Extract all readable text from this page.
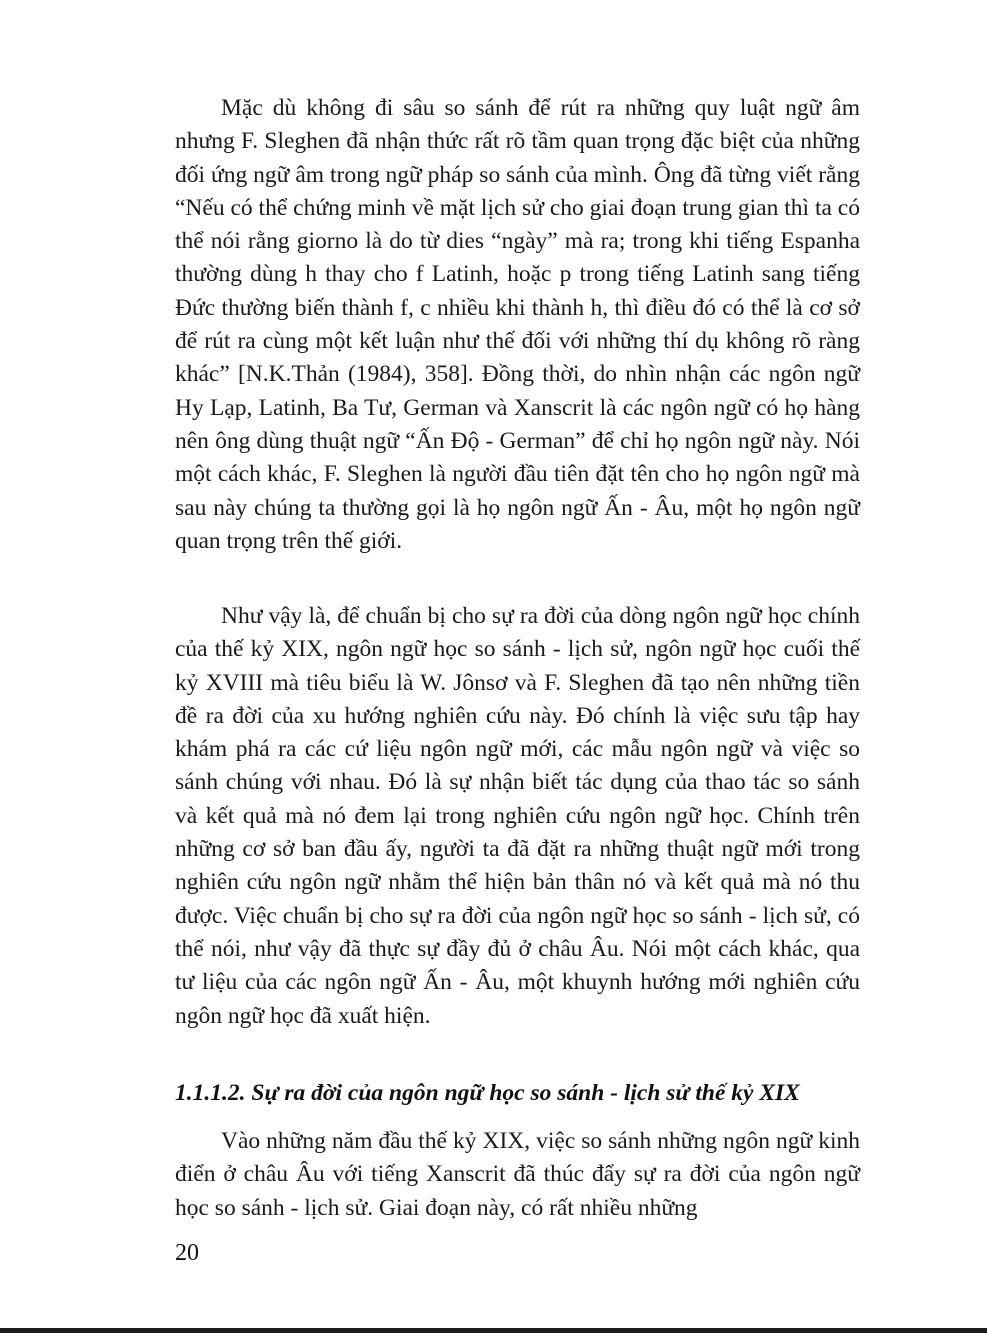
Mặc dù không đi sâu so sánh để rút ra những quy luật ngữ âm nhưng F. Sleghen đã nhận thức rất rõ tầm quan trọng đặc biệt của những đối ứng ngữ âm trong ngữ pháp so sánh của mình. Ông đã từng viết rằng “Nếu có thể chứng minh về mặt lịch sử cho giai đoạn trung gian thì ta có thể nói rằng giorno là do từ dies “ngày” mà ra; trong khi tiếng Espanha thường dùng h thay cho f Latinh, hoặc p trong tiếng Latinh sang tiếng Đức thường biến thành f, c nhiều khi thành h, thì điều đó có thể là cơ sở để rút ra cùng một kết luận như thế đối với những thí dụ không rõ ràng khác” [N.K.Thản (1984), 358]. Đồng thời, do nhìn nhận các ngôn ngữ Hy Lạp, Latinh, Ba Tư, German và Xanscrit là các ngôn ngữ có họ hàng nên ông dùng thuật ngữ “Ấn Độ - German” để chỉ họ ngôn ngữ này. Nói một cách khác, F. Sleghen là người đầu tiên đặt tên cho họ ngôn ngữ mà sau này chúng ta thường gọi là họ ngôn ngữ Ấn - Âu, một họ ngôn ngữ quan trọng trên thế giới.

Như vậy là, để chuẩn bị cho sự ra đời của dòng ngôn ngữ học chính của thế kỷ XIX, ngôn ngữ học so sánh - lịch sử, ngôn ngữ học cuối thế kỷ XVIII mà tiêu biểu là W. Jônsơ và F. Sleghen đã tạo nên những tiền đề ra đời của xu hướng nghiên cứu này. Đó chính là việc sưu tập hay khám phá ra các cứ liệu ngôn ngữ mới, các mẫu ngôn ngữ và việc so sánh chúng với nhau. Đó là sự nhận biết tác dụng của thao tác so sánh và kết quả mà nó đem lại trong nghiên cứu ngôn ngữ học. Chính trên những cơ sở ban đầu ấy, người ta đã đặt ra những thuật ngữ mới trong nghiên cứu ngôn ngữ nhằm thể hiện bản thân nó và kết quả mà nó thu được. Việc chuẩn bị cho sự ra đời của ngôn ngữ học so sánh - lịch sử, có thể nói, như vậy đã thực sự đầy đủ ở châu Âu. Nói một cách khác, qua tư liệu của các ngôn ngữ Ấn - Âu, một khuynh hướng mới nghiên cứu ngôn ngữ học đã xuất hiện.

1.1.1.2. Sự ra đời của ngôn ngữ học so sánh - lịch sử thế kỷ XIX

Vào những năm đầu thế kỷ XIX, việc so sánh những ngôn ngữ kinh điển ở châu Âu với tiếng Xanscrit đã thúc đẩy sự ra đời của ngôn ngữ học so sánh - lịch sử. Giai đoạn này, có rất nhiều những

20
